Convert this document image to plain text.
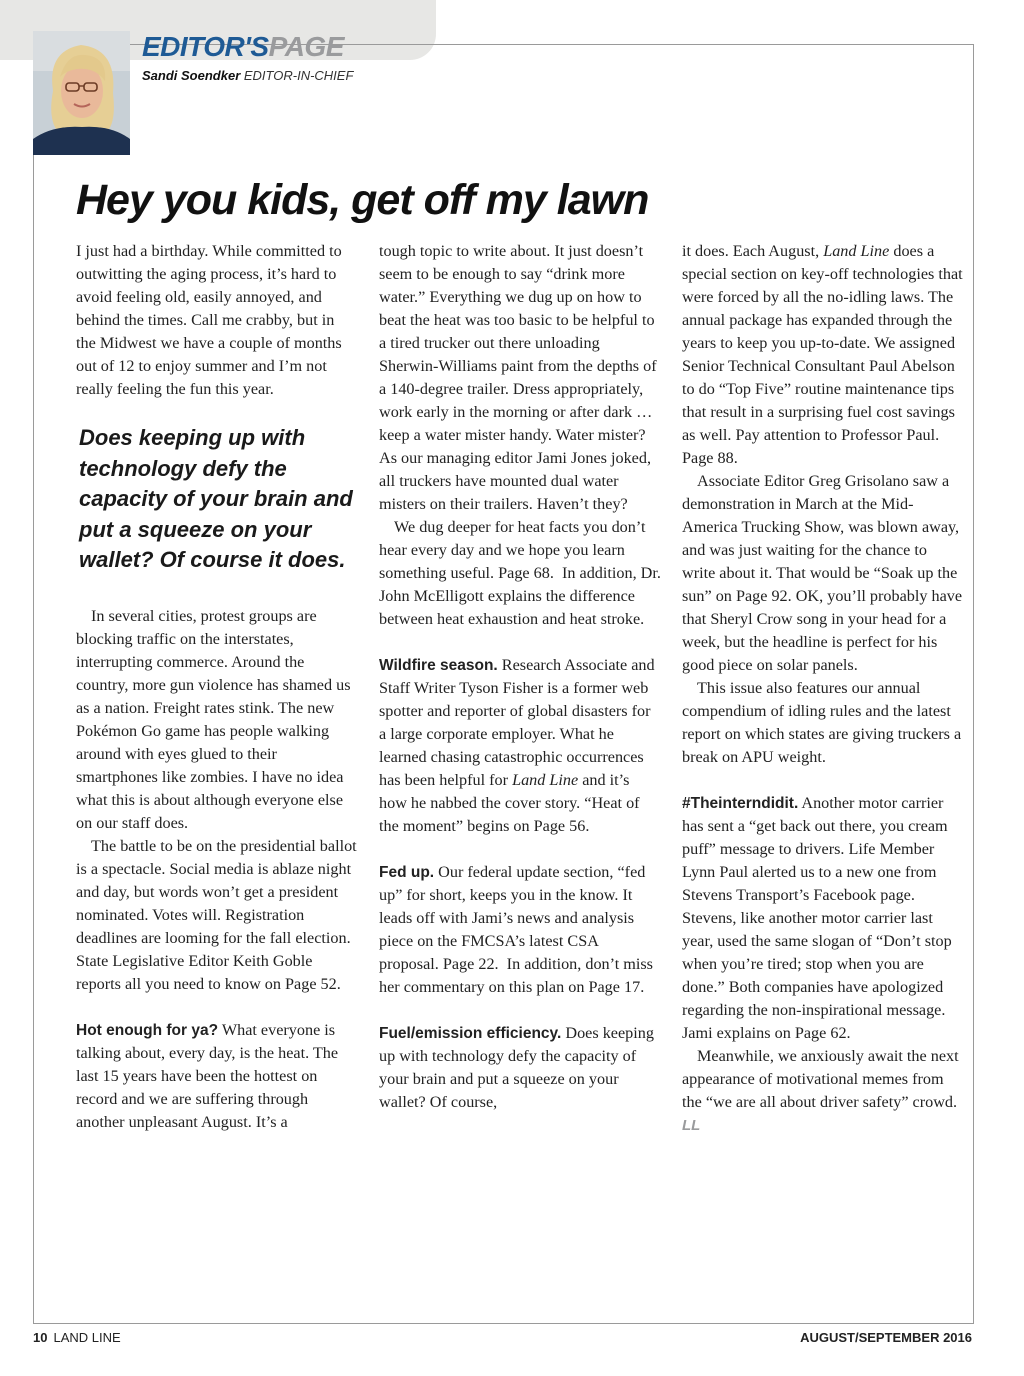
EDITOR'SPAGE
Sandi Soendker EDITOR-IN-CHIEF
Hey you kids, get off my lawn

I just had a birthday. While committed to outwitting the aging process, it’s hard to avoid feeling old, easily annoyed, and behind the times. Call me crabby, but in the Midwest we have a couple of months out of 12 to enjoy summer and I’m not really feeling the fun this year.

Does keeping up with technology defy the capacity of your brain and put a squeeze on your wallet? Of course it does.

In several cities, protest groups are blocking traffic on the interstates, interrupting commerce. Around the country, more gun violence has shamed us as a nation. Freight rates stink. The new Pokémon Go game has people walking around with eyes glued to their smartphones like zombies. I have no idea what this is about although everyone else on our staff does.

The battle to be on the presidential ballot is a spectacle. Social media is ablaze night and day, but words won’t get a president nominated. Votes will. Registration deadlines are looming for the fall election. State Legislative Editor Keith Goble reports all you need to know on Page 52.

Hot enough for ya? What everyone is talking about, every day, is the heat. The last 15 years have been the hottest on record and we are suffering through another unpleasant August. It’s a

tough topic to write about. It just doesn’t seem to be enough to say “drink more water.” Everything we dug up on how to beat the heat was too basic to be helpful to a tired trucker out there unloading Sherwin-Williams paint from the depths of a 140-degree trailer. Dress appropriately, work early in the morning or after dark … keep a water mister handy. Water mister? As our managing editor Jami Jones joked, all truckers have mounted dual water misters on their trailers. Haven’t they?

We dug deeper for heat facts you don’t hear every day and we hope you learn something useful. Page 68.  In addition, Dr. John McElligott explains the difference between heat exhaustion and heat stroke.

Wildfire season. Research Associate and Staff Writer Tyson Fisher is a former web spotter and reporter of global disasters for a large corporate employer. What he learned chasing catastrophic occurrences has been helpful for Land Line and it’s how he nabbed the cover story. “Heat of the moment” begins on Page 56.

Fed up. Our federal update section, “fed up” for short, keeps you in the know. It leads off with Jami’s news and analysis piece on the FMCSA’s latest CSA proposal. Page 22.  In addition, don’t miss her commentary on this plan on Page 17.

Fuel/emission efficiency. Does keeping up with technology defy the capacity of your brain and put a squeeze on your wallet? Of course,

it does. Each August, Land Line does a special section on key-off technologies that were forced by all the no-idling laws. The annual package has expanded through the years to keep you up-to-date. We assigned Senior Technical Consultant Paul Abelson to do “Top Five” routine maintenance tips that result in a surprising fuel cost savings as well. Pay attention to Professor Paul. Page 88.

Associate Editor Greg Grisolano saw a demonstration in March at the Mid-America Trucking Show, was blown away, and was just waiting for the chance to write about it. That would be “Soak up the sun” on Page 92. OK, you’ll probably have that Sheryl Crow song in your head for a week, but the headline is perfect for his good piece on solar panels.

This issue also features our annual compendium of idling rules and the latest report on which states are giving truckers a break on APU weight.

#Theinterndidit. Another motor carrier has sent a “get back out there, you cream puff” message to drivers. Life Member Lynn Paul alerted us to a new one from Stevens Transport’s Facebook page. Stevens, like another motor carrier last year, used the same slogan of “Don’t stop when you’re tired; stop when you are done.” Both companies have apologized regarding the non-inspirational message. Jami explains on Page 62.

Meanwhile, we anxiously await the next appearance of motivational memes from the “we are all about driver safety” crowd. LL

10 LAND LINE	AUGUST/SEPTEMBER 2016
